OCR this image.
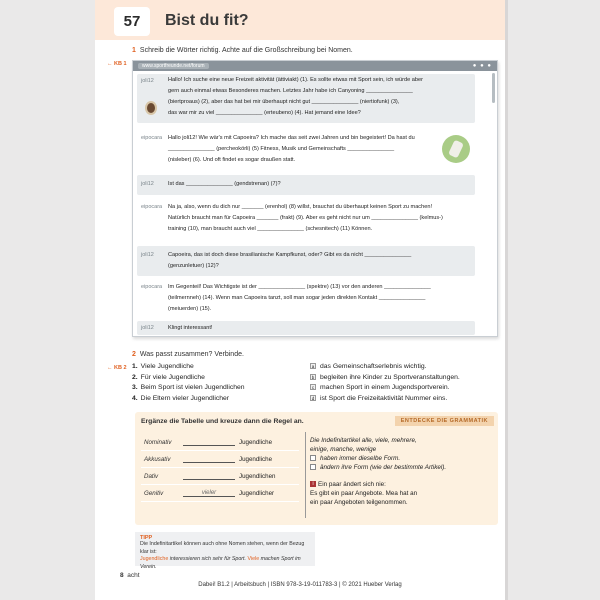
57	Bist du fit?
1 Schreib die Wörter richtig. Achte auf die Großschreibung bei Nomen.
← KB 1	www.sportfreunde.net/forum	● ● ●
joli12	Hallo! Ich suche eine neue Freizeit aktivität (ättiviakt) (1). Es sollte etwas mit Sport sein, ich würde aber
gern auch einmal etwas Besonderes machen. Letztes Jahr habe ich Canyoning _______________
(biertproaus) (2), aber das hat bei mir überhaupt nicht gut _______________ (niertiofunk) (3),
das war mir zu viel _______________ (erteubeno) (4). Hat jemand eine Idee?
eipocara Hallo joli12! Wie wär's mit Capoeira? Ich mache das seit zwei Jahren und bin begeistert! Da hast du
_______________ (percheokörli) (5) Fitness, Musik und Gemeinschafts _______________
(nisleber) (6). Und oft findet es sogar draußen statt.
joli12	Ist das _______________ (gendstrenan) (7)?
eipocara Na ja, also, wenn du dich nur _______ (erenhol) (8) willst, brauchst du überhaupt keinen Sport zu machen!
Natürlich braucht man für Capoeira _______ (frakt) (9). Aber es geht nicht nur um _______________ (kelmus-)
training (10), man braucht auch viel _______________ (schesnitech) (11) Können.
joli12	Capoeira, das ist doch diese brasilianische Kampfkunst, oder? Gibt es da nicht _______________
(genzunletuer) (12)?
eipocara Im Gegenteil! Das Wichtigste ist der _______________ (spektre) (13) vor den anderen _______________
(teilmernneh) (14). Wenn man Capoeira tanzt, soll man sogar jeden direkten Kontakt _______________
(meiuerden) (15).
joli12	Klingt interessant!
2 Was passt zusammen? Verbinde.
← KB 2 1. Viele Jugendliche
2. Für viele Jugendliche
3. Beim Sport ist vielen Jugendlichen
4. Die Eltern vieler Jugendlicher
a das Gemeinschaftserlebnis wichtig.
b begleiten ihre Kinder zu Sportveranstaltungen.
c machen Sport in einem Jugendsportverein.
d ist Sport die Freizeitaktivität Nummer eins.
Ergänze die Tabelle und kreuze dann die Regel an.	ENTDECKE DIE GRAMMATIK
Nominativ	Jugendliche
Akkusativ	Jugendliche
Dativ	Jugendlichen
Genitiv	vieler	Jugendlicher
Die Indefinitartikel alle, viele, mehrere,
einige, manche, wenige
haben immer dieselbe Form.
ändern ihre Form (wie der bestimmte Artikel).
i Ein paar ändert sich nie:
Es gibt ein paar Angebote. Mea hat an
ein paar Angeboten teilgenommen.
TIPP
Die Indefinitartikel können auch ohne Nomen stehen, wenn der Bezug klar ist:
Jugendliche interessieren sich sehr für Sport. Viele machen Sport im Verein.
8 acht
Dabei! B1.2 | Arbeitsbuch | ISBN 978-3-19-011783-3 | © 2021 Hueber Verlag
